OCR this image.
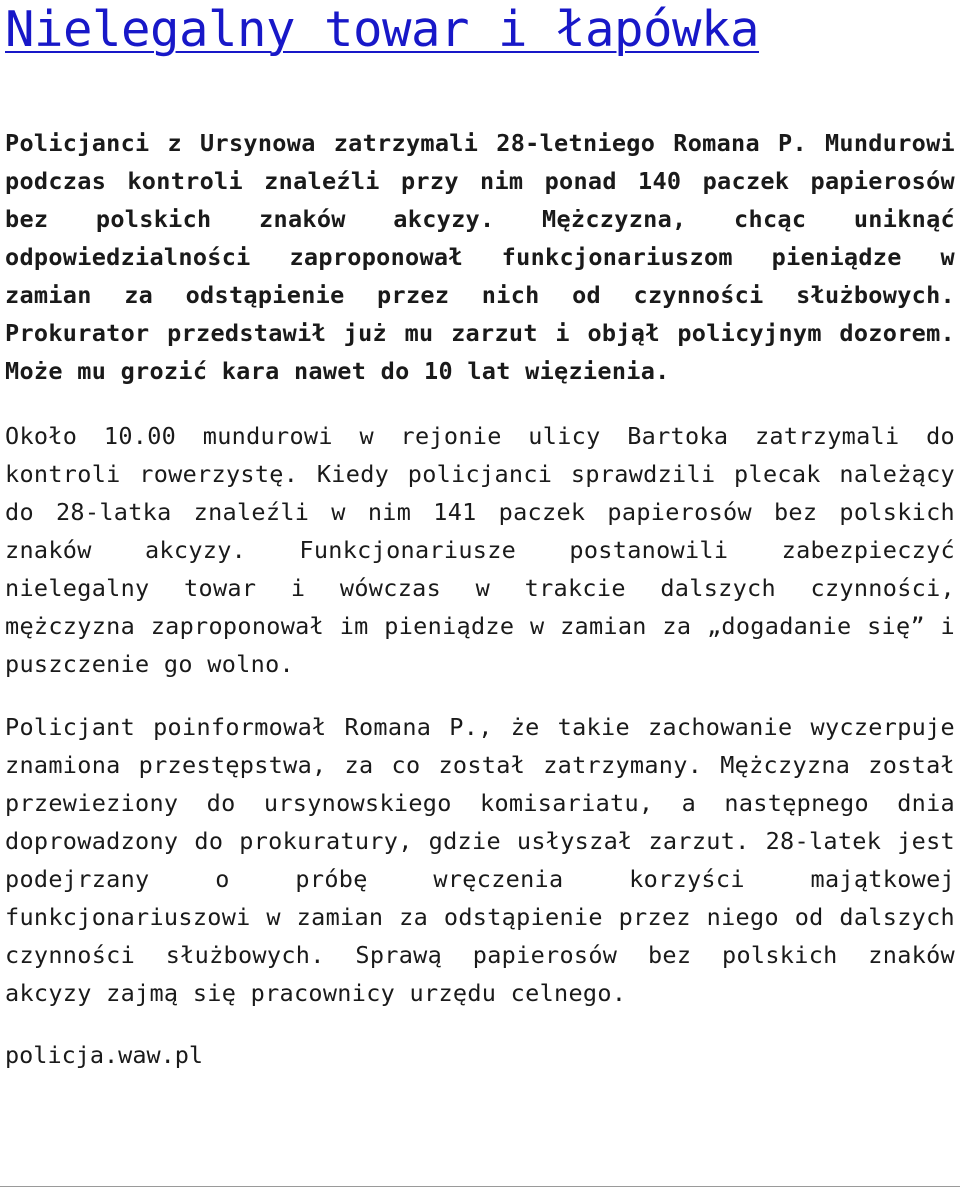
Nielegalny towar i łapówka

Policjanci z Ursynowa zatrzymali 28-letniego Romana P. Mundurowi podczas kontroli znaleźli przy nim ponad 140 paczek papierosów bez polskich znaków akcyzy. Mężczyzna, chcąc uniknąć odpowiedzialności zaproponował funkcjonariuszom pieniądze w zamian za odstąpienie przez nich od czynności służbowych. Prokurator przedstawił już mu zarzut i objął policyjnym dozorem. Może mu grozić kara nawet do 10 lat więzienia.

Około 10.00 mundurowi w rejonie ulicy Bartoka zatrzymali do kontroli rowerzystę. Kiedy policjanci sprawdzili plecak należący do 28-latka znaleźli w nim 141 paczek papierosów bez polskich znaków akcyzy. Funkcjonariusze postanowili zabezpieczyć nielegalny towar i wówczas w trakcie dalszych czynności, mężczyzna zaproponował im pieniądze w zamian za „dogadanie się” i puszczenie go wolno.

Policjant poinformował Romana P., że takie zachowanie wyczerpuje znamiona przestępstwa, za co został zatrzymany. Mężczyzna został przewieziony do ursynowskiego komisariatu, a następnego dnia doprowadzony do prokuratury, gdzie usłyszał zarzut. 28-latek jest podejrzany o próbę wręczenia korzyści majątkowej funkcjonariuszowi w zamian za odstąpienie przez niego od dalszych czynności służbowych. Sprawą papierosów bez polskich znaków akcyzy zajmą się pracownicy urzędu celnego.

policja.waw.pl
